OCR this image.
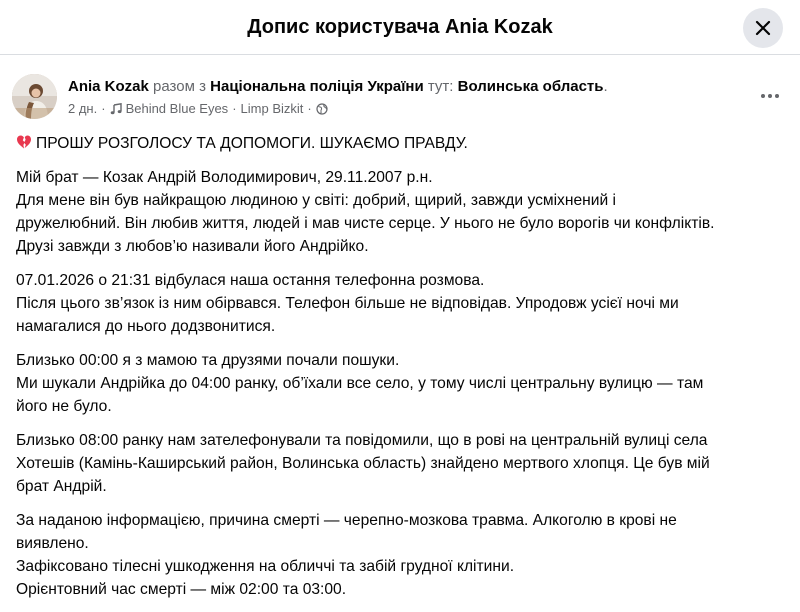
Допис користувача Ania Kozak
Ania Kozak разом з Національна поліція України тут: Волинська область.
2 дн. · Behind Blue Eyes · Limp Bizkit ·

ПРОШУ РОЗГОЛОСУ ТА ДОПОМОГИ. ШУКАЄМО ПРАВДУ.

Мій брат — Козак Андрій Володимирович, 29.11.2007 р.н.
Для мене він був найкращою людиною у світі: добрий, щирий, завжди усміхнений і
дружелюбний. Він любив життя, людей і мав чисте серце. У нього не було ворогів чи конфліктів.
Друзі завжди з любов’ю називали його Андрійко.

07.01.2026 о 21:31 відбулася наша остання телефонна розмова.
Після цього зв’язок із ним обірвався. Телефон більше не відповідав. Упродовж усієї ночі ми
намагалися до нього додзвонитися.

Близько 00:00 я з мамою та друзями почали пошуки.
Ми шукали Андрійка до 04:00 ранку, об’їхали все село, у тому числі центральну вулицю — там
його не було.

Близько 08:00 ранку нам зателефонували та повідомили, що в рові на центральній вулиці села
Хотешів (Камінь-Каширський район, Волинська область) знайдено мертвого хлопця. Це був мій
брат Андрій.

За наданою інформацією, причина смерті — черепно-мозкова травма. Алкоголю в крові не
виявлено.
Зафіксовано тілесні ушкодження на обличчі та забій грудної клітини.
Орієнтовний час смерті — між 02:00 та 03:00.
